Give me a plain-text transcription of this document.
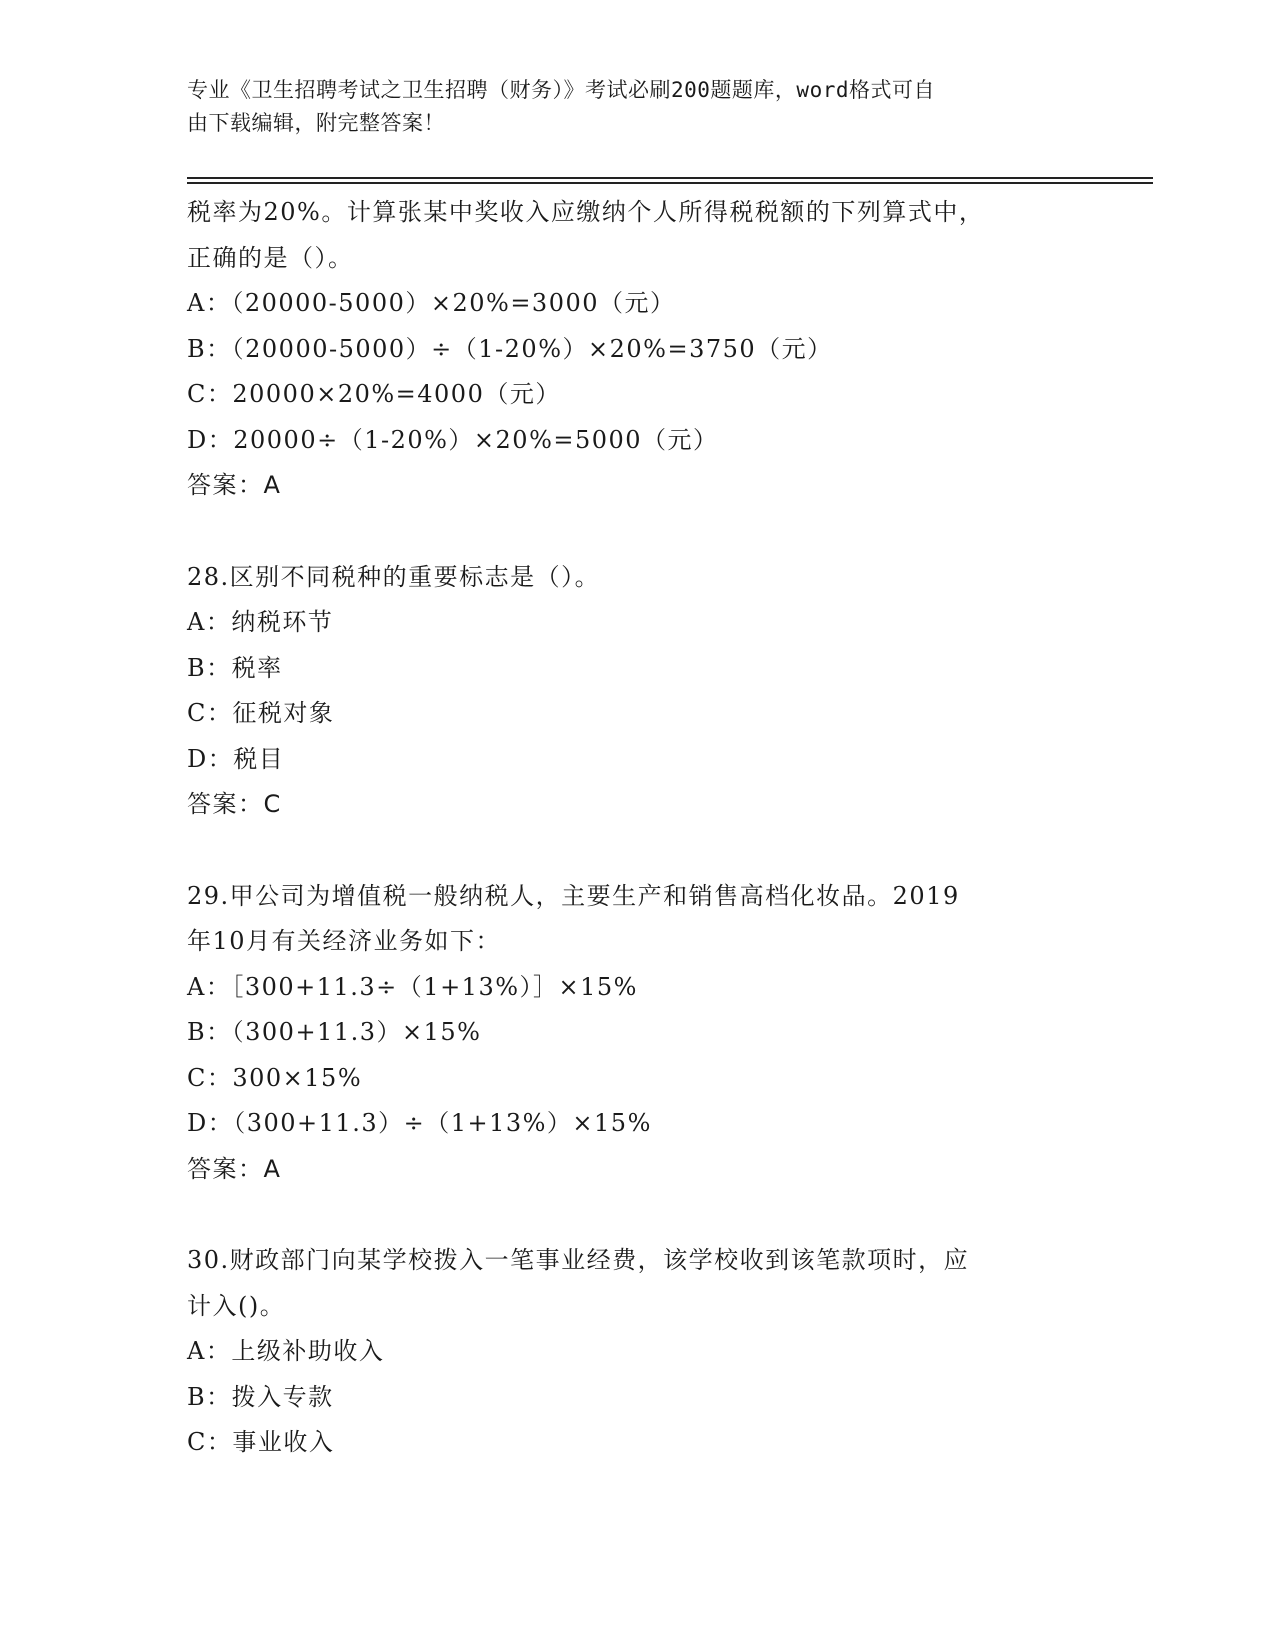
专业《卫生招聘考试之卫生招聘（财务）》考试必刷200题题库，word格式可自
由下载编辑，附完整答案！
税率为20%。计算张某中奖收入应缴纳个人所得税税额的下列算式中，
正确的是（）。
A：（20000-5000）×20%=3000（元）
B：（20000-5000）÷（1-20%）×20%=3750（元）
C：20000×20%=4000（元）
D：20000÷（1-20%）×20%=5000（元）
答案：A
28.区别不同税种的重要标志是（）。
A：纳税环节
B：税率
C：征税对象
D：税目
答案：C
29.甲公司为增值税一般纳税人，主要生产和销售高档化妆品。2019
年10月有关经济业务如下：
A：［300+11.3÷（1+13%）］×15%
B：（300+11.3）×15%
C：300×15%
D：（300+11.3）÷（1+13%）×15%
答案：A
30.财政部门向某学校拨入一笔事业经费，该学校收到该笔款项时，应
计入()。
A：上级补助收入
B：拨入专款
C：事业收入
